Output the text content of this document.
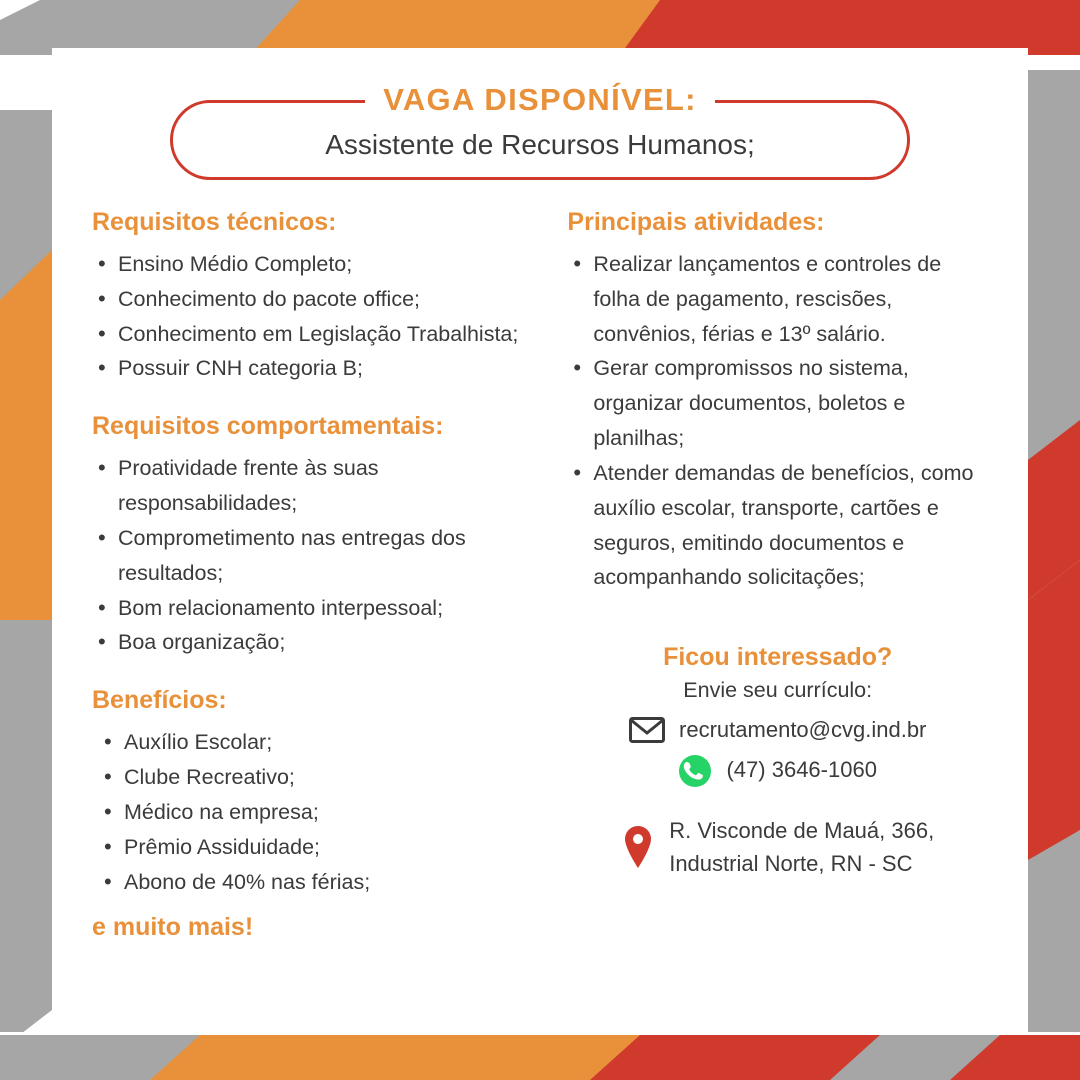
Assistente de Recursos Humanos;
VAGA DISPONÍVEL:
Requisitos técnicos:
• Ensino Médio Completo;
• Conhecimento do pacote office;
• Conhecimento em Legislação Trabalhista;
• Possuir CNH categoria B;
Requisitos comportamentais:
• Proatividade frente às suas responsabilidades;
• Comprometimento nas entregas dos resultados;
• Bom relacionamento interpessoal;
• Boa organização;
Benefícios:
• Auxílio Escolar;
• Clube Recreativo;
• Médico na empresa;
• Prêmio Assiduidade;
• Abono de 40% nas férias;
e muito mais!
Principais atividades:
• Realizar lançamentos e controles de folha de pagamento, rescisões, convênios, férias e 13º salário.
• Gerar compromissos no sistema, organizar documentos, boletos e planilhas;
• Atender demandas de benefícios, como auxílio escolar, transporte, cartões e seguros, emitindo documentos e acompanhando solicitações;
Ficou interessado?
Envie seu currículo:
recrutamento@cvg.ind.br
(47) 3646-1060
R. Visconde de Mauá, 366,
Industrial Norte, RN - SC
